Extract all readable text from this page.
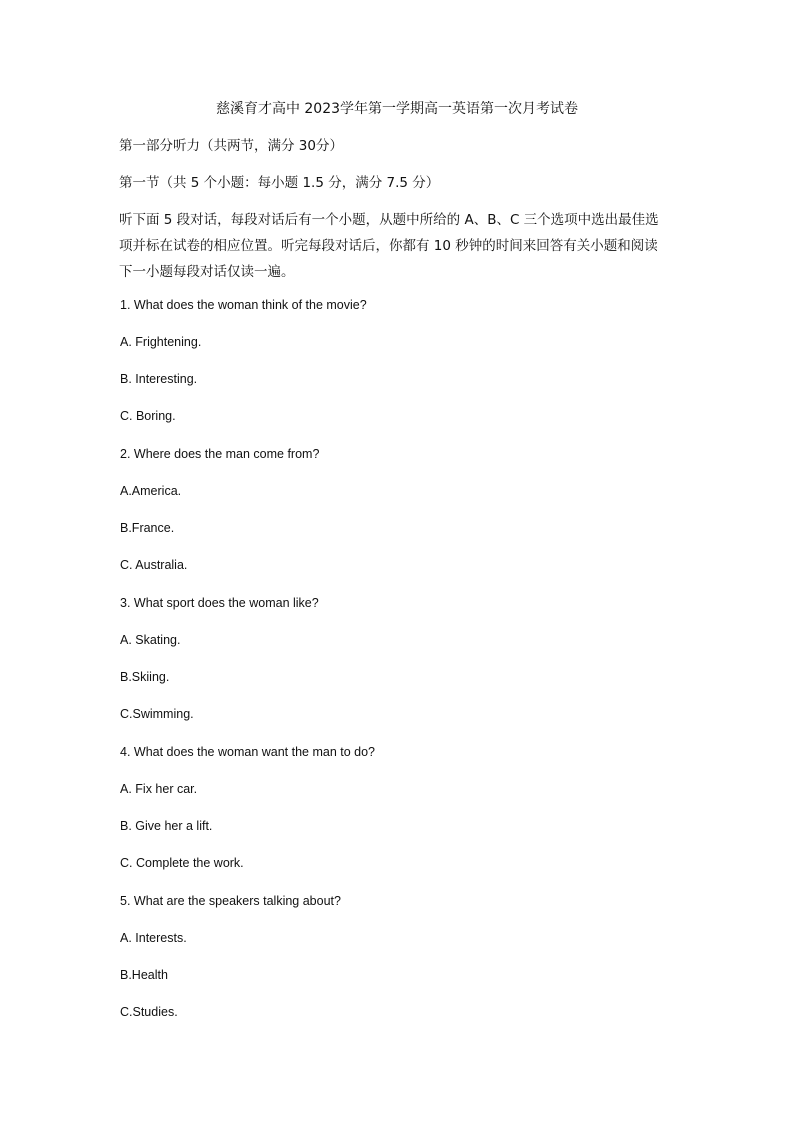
慈溪育才高中 2023学年第一学期高一英语第一次月考试卷
第一部分听力（共两节，满分 30分）
第一节（共 5 个小题：每小题 1.5 分，满分 7.5 分）
听下面 5 段对话，每段对话后有一个小题，从题中所给的 A、B、C 三个选项中选出最佳选
项并标在试卷的相应位置。听完每段对话后，你都有 10 秒钟的时间来回答有关小题和阅读
下一小题每段对话仅读一遍。
1. What does the woman think of the movie?
A. Frightening.
B. Interesting.
C. Boring.
2. Where does the man come from?
A.America.
B.France.
C. Australia.
3. What sport does the woman like?
A. Skating.
B.Skiing.
C.Swimming.
4. What does the woman want the man to do?
A. Fix her car.
B. Give her a lift.
C. Complete the work.
5. What are the speakers talking about?
A. Interests.
B.Health
C.Studies.
